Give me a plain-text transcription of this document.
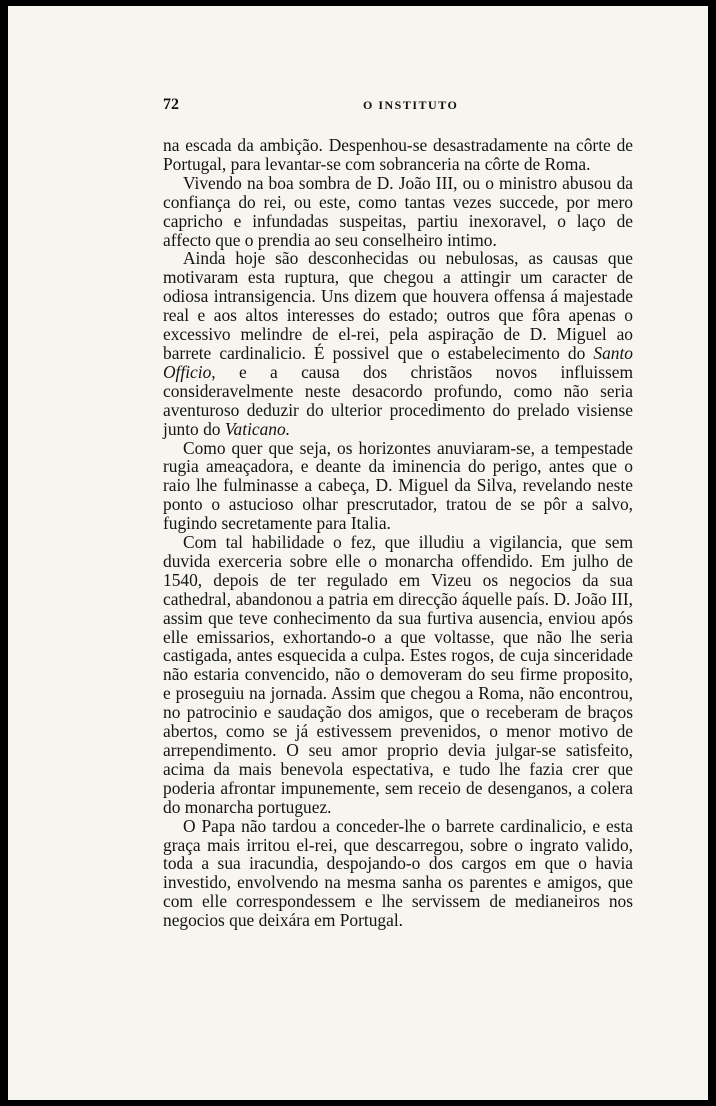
72	O INSTITUTO

na escada da ambição. Despenhou-se desastradamente na côrte de Portugal, para levantar-se com sobranceria na côrte de Roma.

Vivendo na boa sombra de D. João III, ou o ministro abusou da confiança do rei, ou este, como tantas vezes succede, por mero capricho e infundadas suspeitas, partiu inexoravel, o laço de affecto que o prendia ao seu conselheiro intimo.

Ainda hoje são desconhecidas ou nebulosas, as causas que motivaram esta ruptura, que chegou a attingir um caracter de odiosa intransigencia. Uns dizem que houvera offensa á majestade real e aos altos interesses do estado; outros que fôra apenas o excessivo melindre de el-rei, pela aspiração de D. Miguel ao barrete cardinalicio. É possivel que o estabelecimento do Santo Officio, e a causa dos christãos novos influissem consideravelmente neste desacordo profundo, como não seria aventuroso deduzir do ulterior procedimento do prelado visiense junto do Vaticano.

Como quer que seja, os horizontes anuviaram-se, a tempestade rugia ameaçadora, e deante da iminencia do perigo, antes que o raio lhe fulminasse a cabeça, D. Miguel da Silva, revelando neste ponto o astucioso olhar prescrutador, tratou de se pôr a salvo, fugindo secretamente para Italia.

Com tal habilidade o fez, que illudiu a vigilancia, que sem duvida exerceria sobre elle o monarcha offendido. Em julho de 1540, depois de ter regulado em Vizeu os negocios da sua cathedral, abandonou a patria em direcção áquelle país. D. João III, assim que teve conhecimento da sua furtiva ausencia, enviou após elle emissarios, exhortando-o a que voltasse, que não lhe seria castigada, antes esquecida a culpa. Estes rogos, de cuja sinceridade não estaria convencido, não o demoveram do seu firme proposito, e proseguiu na jornada. Assim que chegou a Roma, não encontrou, no patrocinio e saudação dos amigos, que o receberam de braços abertos, como se já estivessem prevenidos, o menor motivo de arrependimento. O seu amor proprio devia julgar-se satisfeito, acima da mais benevola espectativa, e tudo lhe fazia crer que poderia afrontar impunemente, sem receio de desenganos, a colera do monarcha portuguez.

O Papa não tardou a conceder-lhe o barrete cardinalicio, e esta graça mais irritou el-rei, que descarregou, sobre o ingrato valido, toda a sua iracundia, despojando-o dos cargos em que o havia investido, envolvendo na mesma sanha os parentes e amigos, que com elle correspondessem e lhe servissem de medianeiros nos negocios que deixára em Portugal.
